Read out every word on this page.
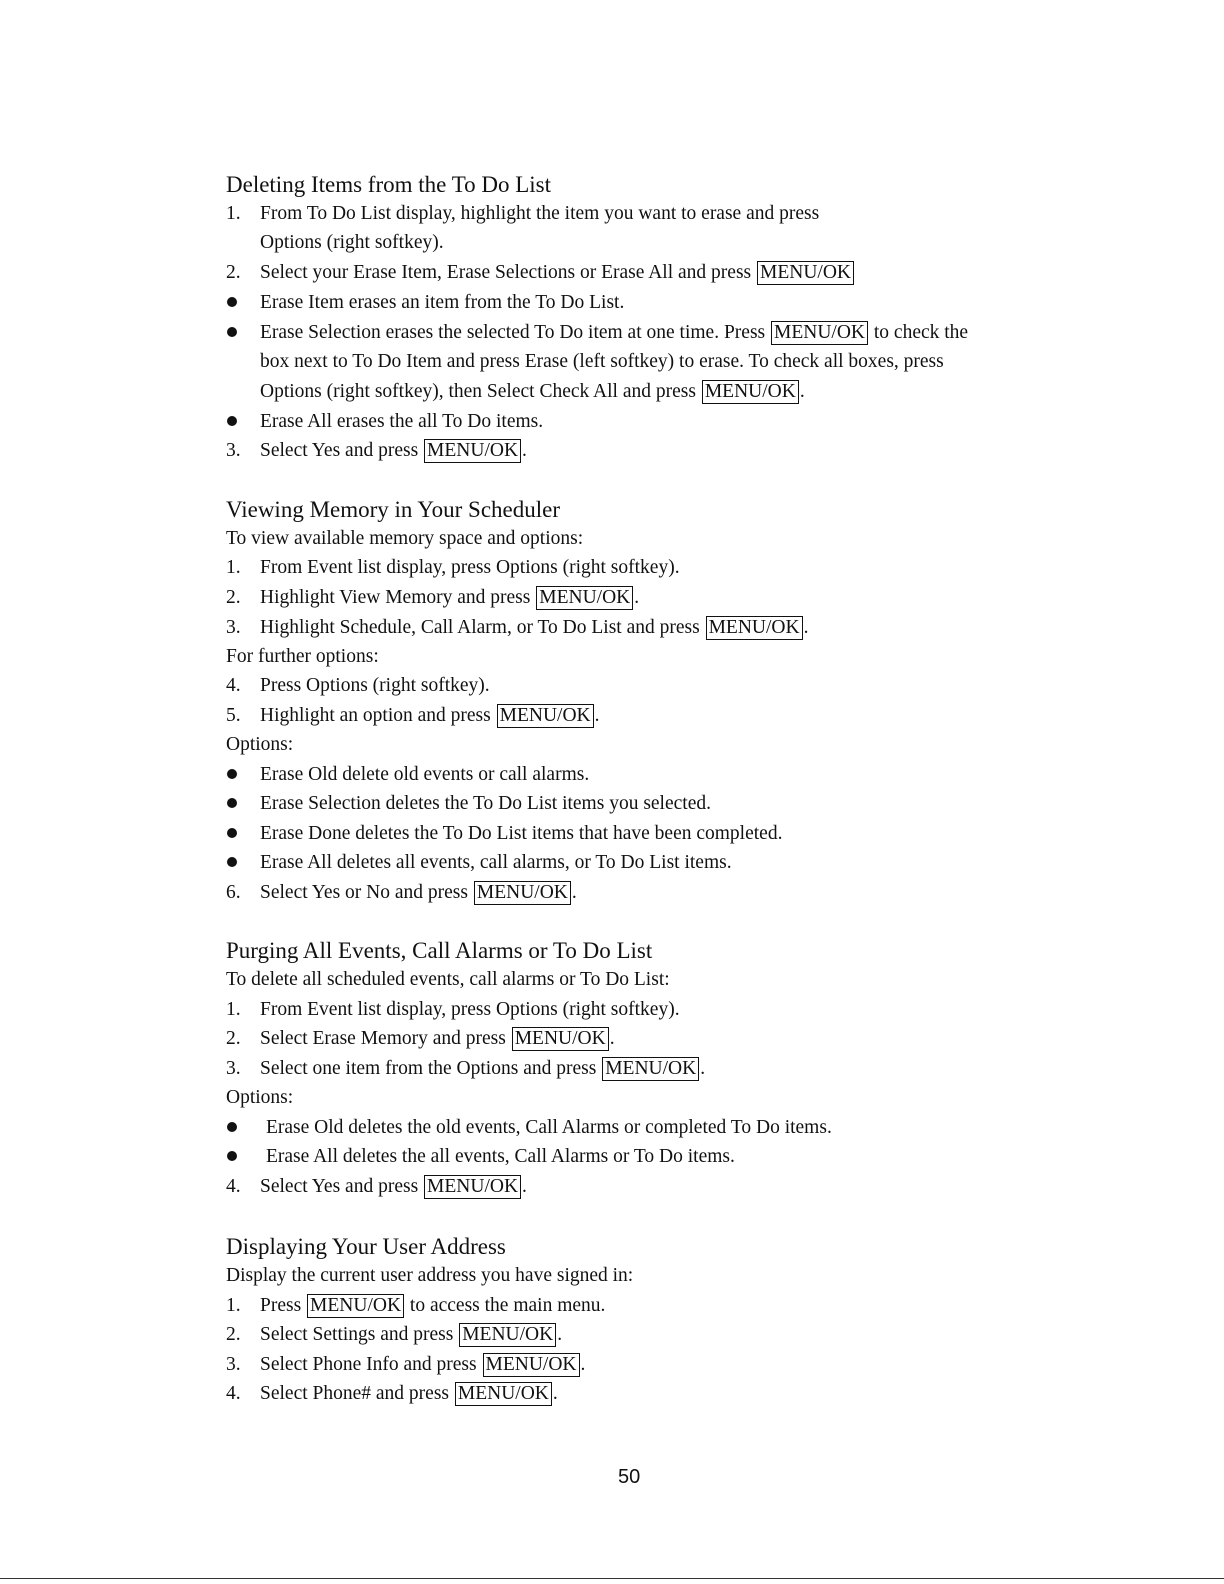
Deleting Items from the To Do List
1. From To Do List display, highlight the item you want to erase and press
Options (right softkey).
2. Select your Erase Item, Erase Selections or Erase All and press MENU/OK
Erase Item erases an item from the To Do List.
Erase Selection erases the selected To Do item at one time. Press MENU/OK to check the
box next to To Do Item and press Erase (left softkey) to erase. To check all boxes, press
Options (right softkey), then Select Check All and press MENU/OK .
Erase All erases the all To Do items.
3. Select Yes and press MENU/OK .
Viewing Memory in Your Scheduler
To view available memory space and options:
1. From Event list display, press Options (right softkey).
2. Highlight View Memory and press MENU/OK .
3. Highlight Schedule, Call Alarm, or To Do List and press MENU/OK .
For further options:
4. Press Options (right softkey).
5. Highlight an option and press MENU/OK .
Options:
Erase Old delete old events or call alarms.
Erase Selection deletes the To Do List items you selected.
Erase Done deletes the To Do List items that have been completed.
Erase All deletes all events, call alarms, or To Do List items.
6. Select Yes or No and press MENU/OK .
Purging All Events, Call Alarms or To Do List
To delete all scheduled events, call alarms or To Do List:
1. From Event list display, press Options (right softkey).
2. Select Erase Memory and press MENU/OK .
3. Select one item from the Options and press MENU/OK .
Options:
Erase Old deletes the old events, Call Alarms or completed To Do items.
Erase All deletes the all events, Call Alarms or To Do items.
4. Select Yes and press MENU/OK .
Displaying Your User Address
Display the current user address you have signed in:
1. Press MENU/OK to access the main menu.
2. Select Settings and press MENU/OK .
3. Select Phone Info and press MENU/OK .
4. Select Phone# and press MENU/OK .
50
